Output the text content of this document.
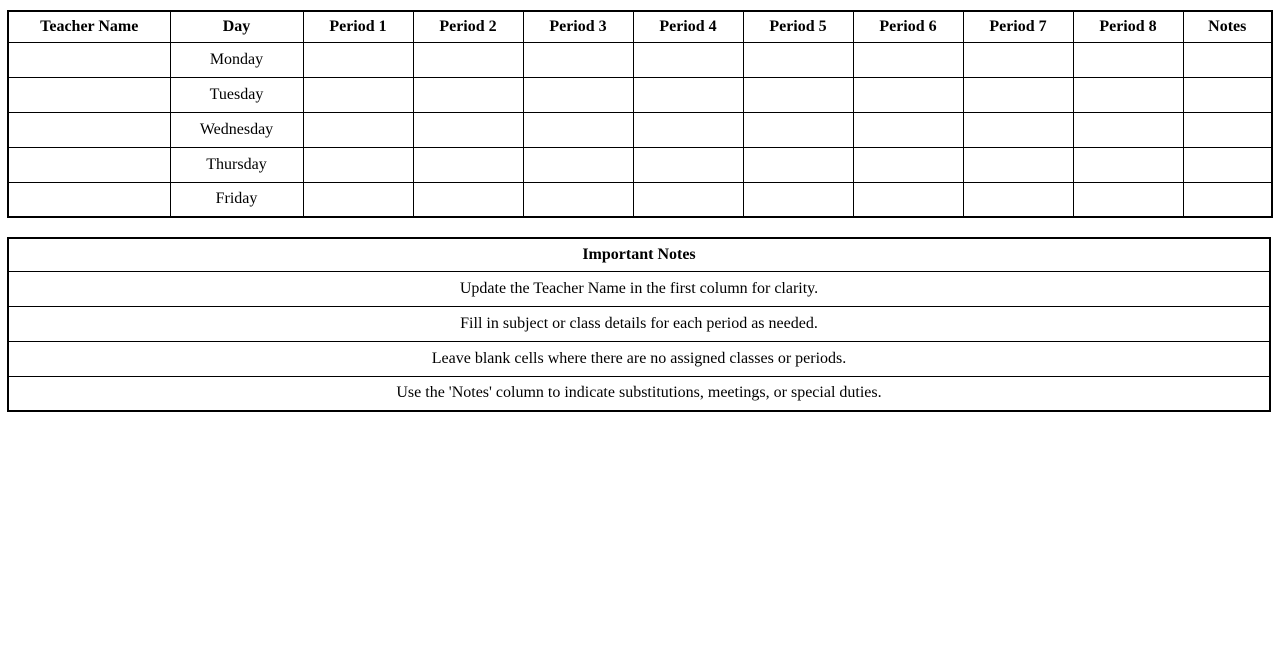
Teacher Name	Day	Period 1	Period 2	Period 3	Period 4	Period 5	Period 6	Period 7	Period 8	Notes
	Monday									
	Tuesday									
	Wednesday									
	Thursday									
	Friday									
Important Notes
Update the Teacher Name in the first column for clarity.
Fill in subject or class details for each period as needed.
Leave blank cells where there are no assigned classes or periods.
Use the 'Notes' column to indicate substitutions, meetings, or special duties.
